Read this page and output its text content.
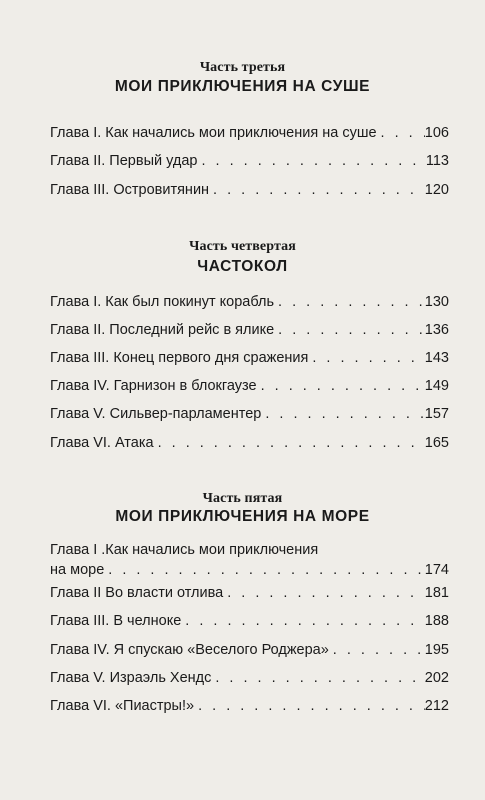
Часть третья
МОИ ПРИКЛЮЧЕНИЯ НА СУШЕ
Глава I. Как начались мои приключения на суше . . .	106
Глава II. Первый удар . . .	113
Глава III. Островитянин . . .	120
Часть четвертая
ЧАСТОКОЛ
Глава I. Как был покинут корабль . . .	130
Глава II. Последний рейс в ялике . . .	136
Глава III. Конец первого дня сражения . . .	143
Глава IV. Гарнизон в блокгаузе . . .	149
Глава V. Сильвер-парламентер . . .	157
Глава VI. Атака . . .	165
Часть пятая
МОИ ПРИКЛЮЧЕНИЯ НА МОРЕ
Глава I .Как начались мои приключения
на море . . .	174
Глава II Во власти отлива . . .	181
Глава III. В челноке . . .	188
Глава IV. Я спускаю «Веселого Роджера» . . .	195
Глава V. Израэль Хендс . . .	202
Глава VI. «Пиастры!» . . .	212
